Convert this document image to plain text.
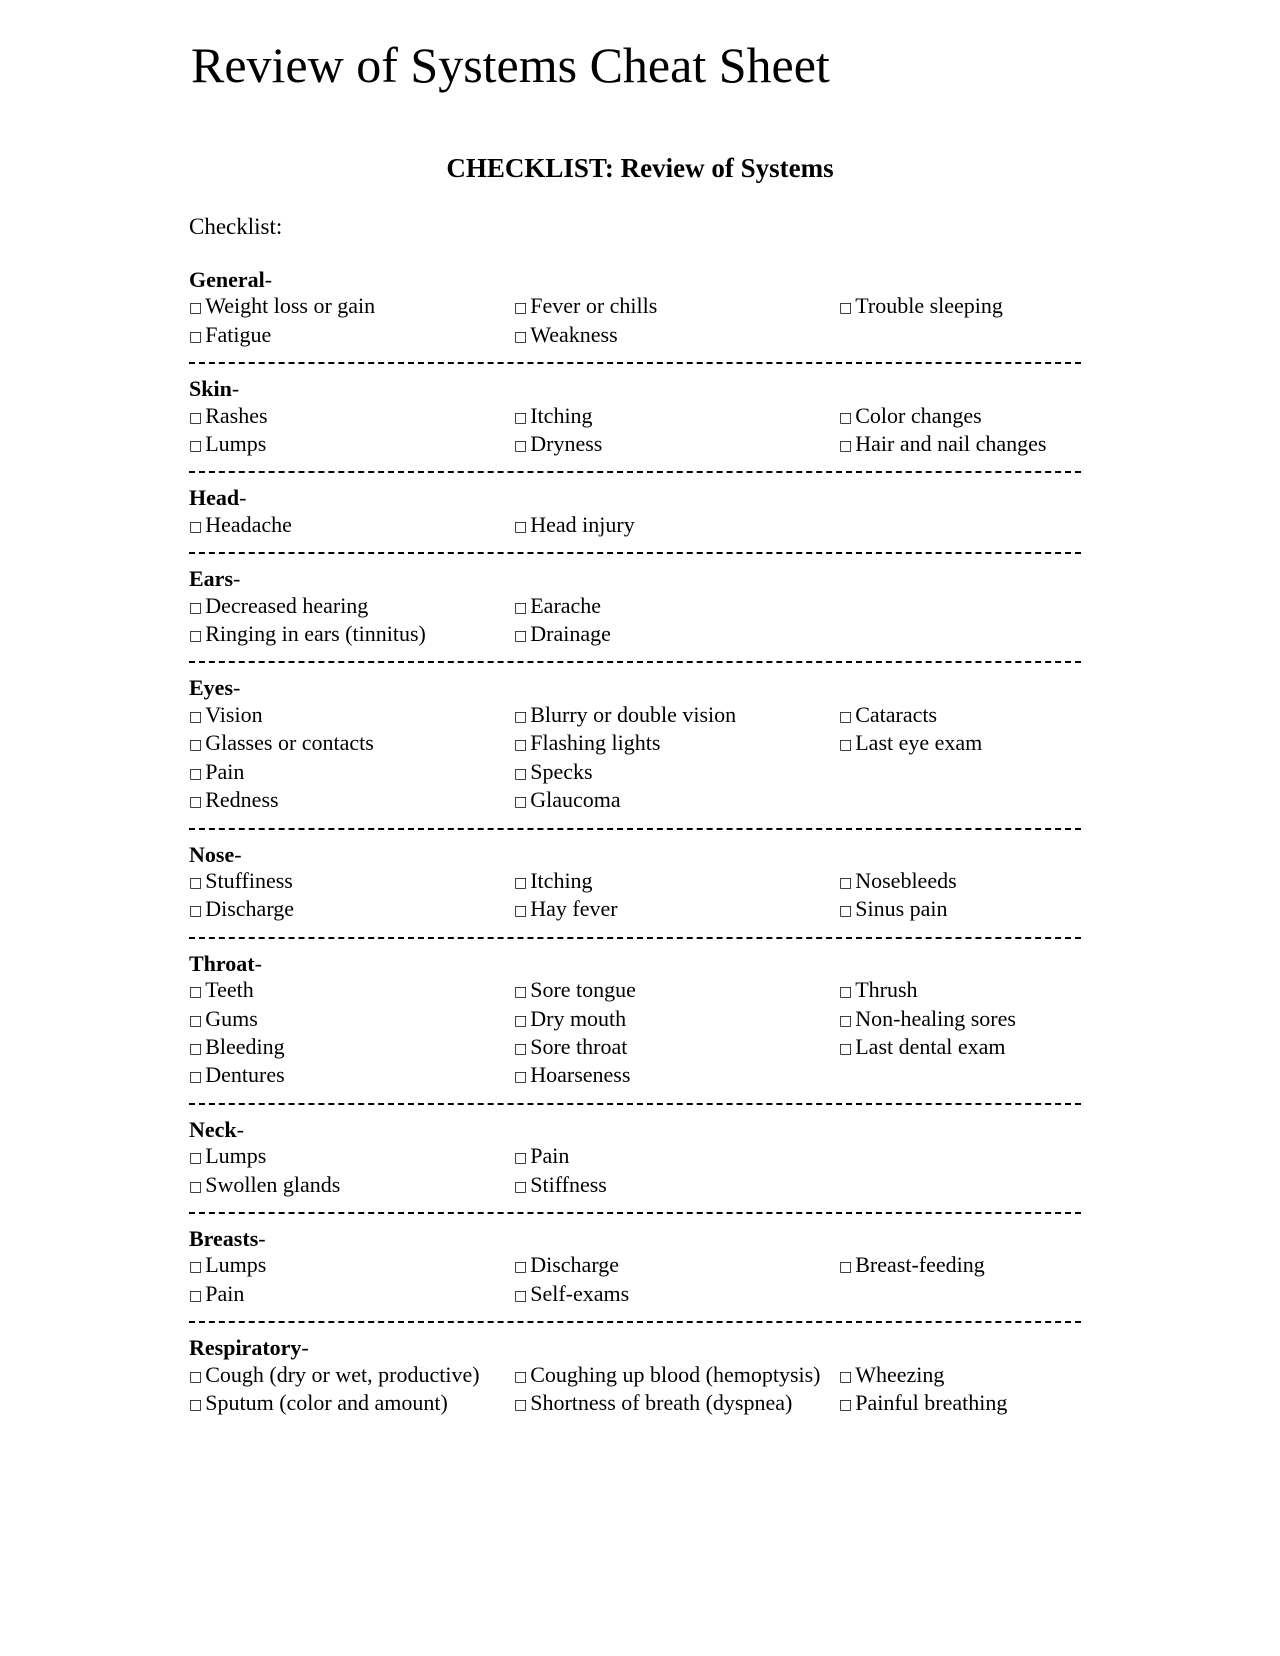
Review of Systems Cheat Sheet
CHECKLIST: Review of Systems
Checklist:
General-
□ Weight loss or gain	□ Fever or chills	□ Trouble sleeping
□ Fatigue	□ Weakness
Skin-
□ Rashes	□ Itching	□ Color changes
□ Lumps	□ Dryness	□ Hair and nail changes
Head-
□ Headache	□ Head injury
Ears-
□ Decreased hearing	□ Earache
□ Ringing in ears (tinnitus)	□ Drainage
Eyes-
□ Vision	□ Blurry or double vision	□ Cataracts
□ Glasses or contacts	□ Flashing lights	□ Last eye exam
□ Pain	□ Specks
□ Redness	□ Glaucoma
Nose-
□ Stuffiness	□ Itching	□ Nosebleeds
□ Discharge	□ Hay fever	□ Sinus pain
Throat-
□ Teeth	□ Sore tongue	□ Thrush
□ Gums	□ Dry mouth	□ Non-healing sores
□ Bleeding	□ Sore throat	□ Last dental exam
□ Dentures	□ Hoarseness
Neck-
□ Lumps	□ Pain
□ Swollen glands	□ Stiffness
Breasts-
□ Lumps	□ Discharge	□ Breast-feeding
□ Pain	□ Self-exams
Respiratory-
□ Cough (dry or wet, productive)	□ Coughing up blood (hemoptysis)	□ Wheezing
□ Sputum (color and amount)	□ Shortness of breath (dyspnea)	□ Painful breathing
